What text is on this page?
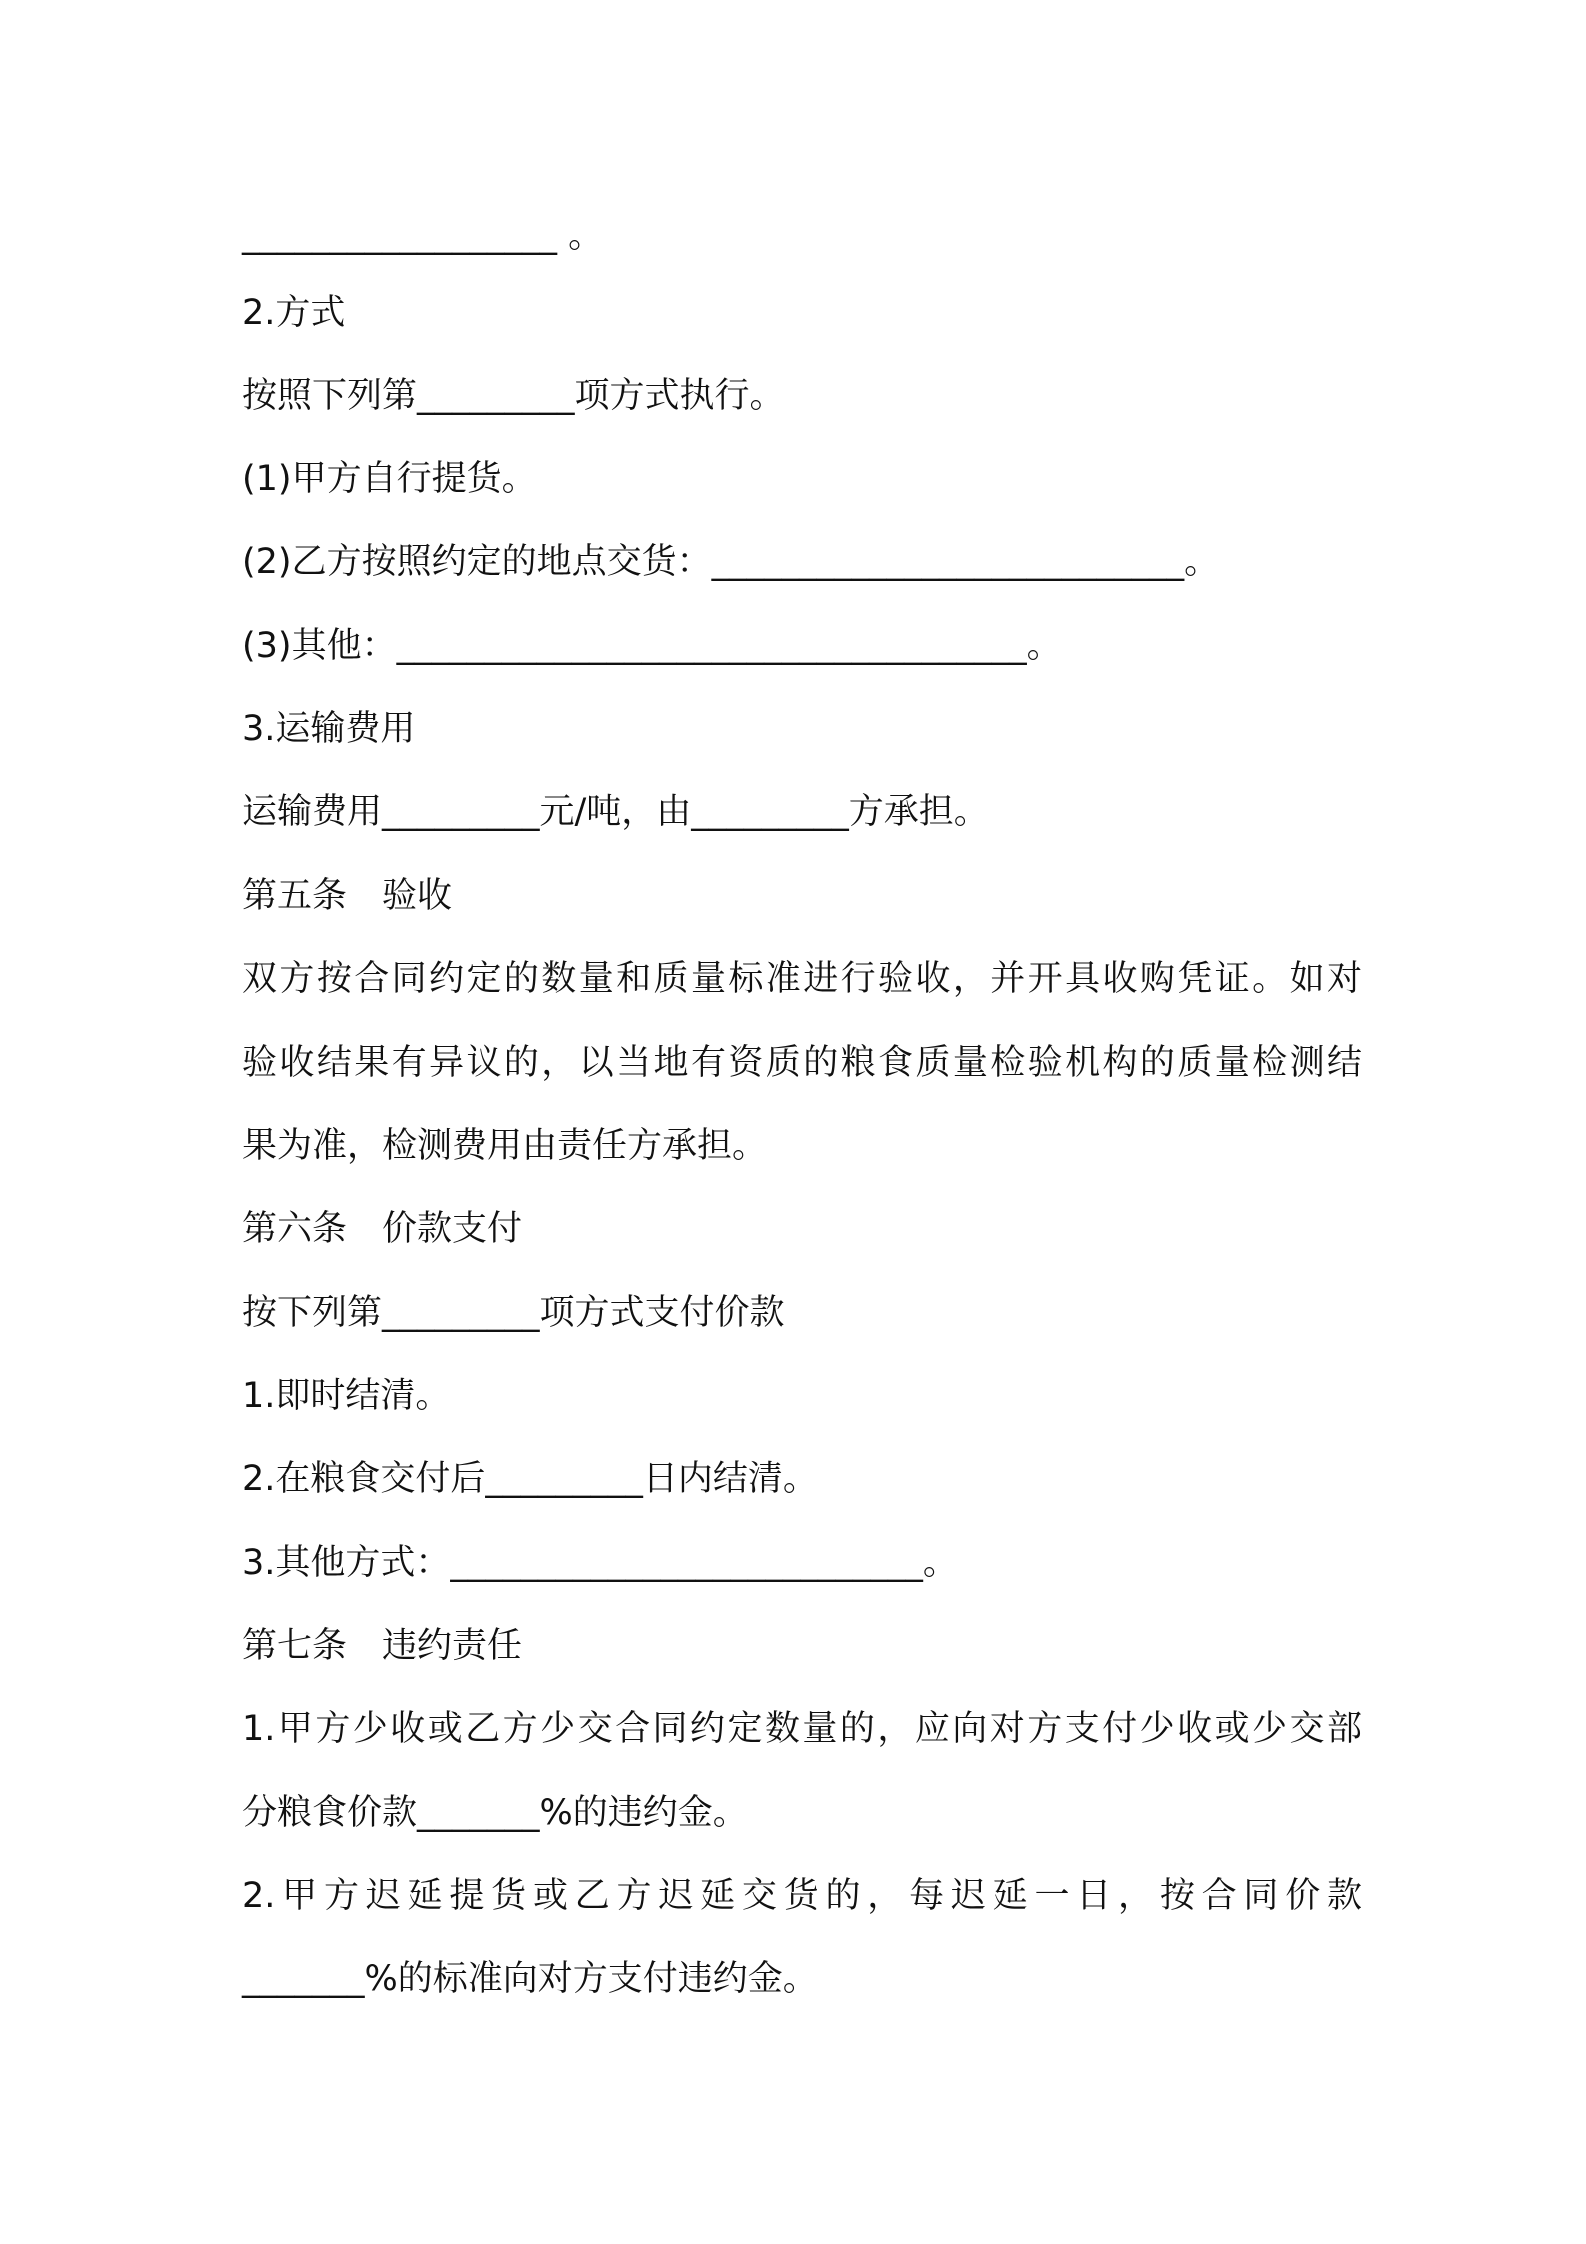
__________________ 。
2.方式
按照下列第_________项方式执行。
(1)甲方自行提货。
(2)乙方按照约定的地点交货：___________________________。
(3)其他：____________________________________。
3.运输费用
运输费用_________元/吨，由_________方承担。
第五条　验收
双方按合同约定的数量和质量标准进行验收，并开具收购凭证。如对
验收结果有异议的，以当地有资质的粮食质量检验机构的质量检测结
果为准，检测费用由责任方承担。
第六条　价款支付
按下列第_________项方式支付价款
1.即时结清。
2.在粮食交付后_________日内结清。
3.其他方式：___________________________。
第七条　违约责任
1.甲方少收或乙方少交合同约定数量的，应向对方支付少收或少交部
分粮食价款_______%的违约金。
2.甲方迟延提货或乙方迟延交货的，每迟延一日，按合同价款
_______%的标准向对方支付违约金。
